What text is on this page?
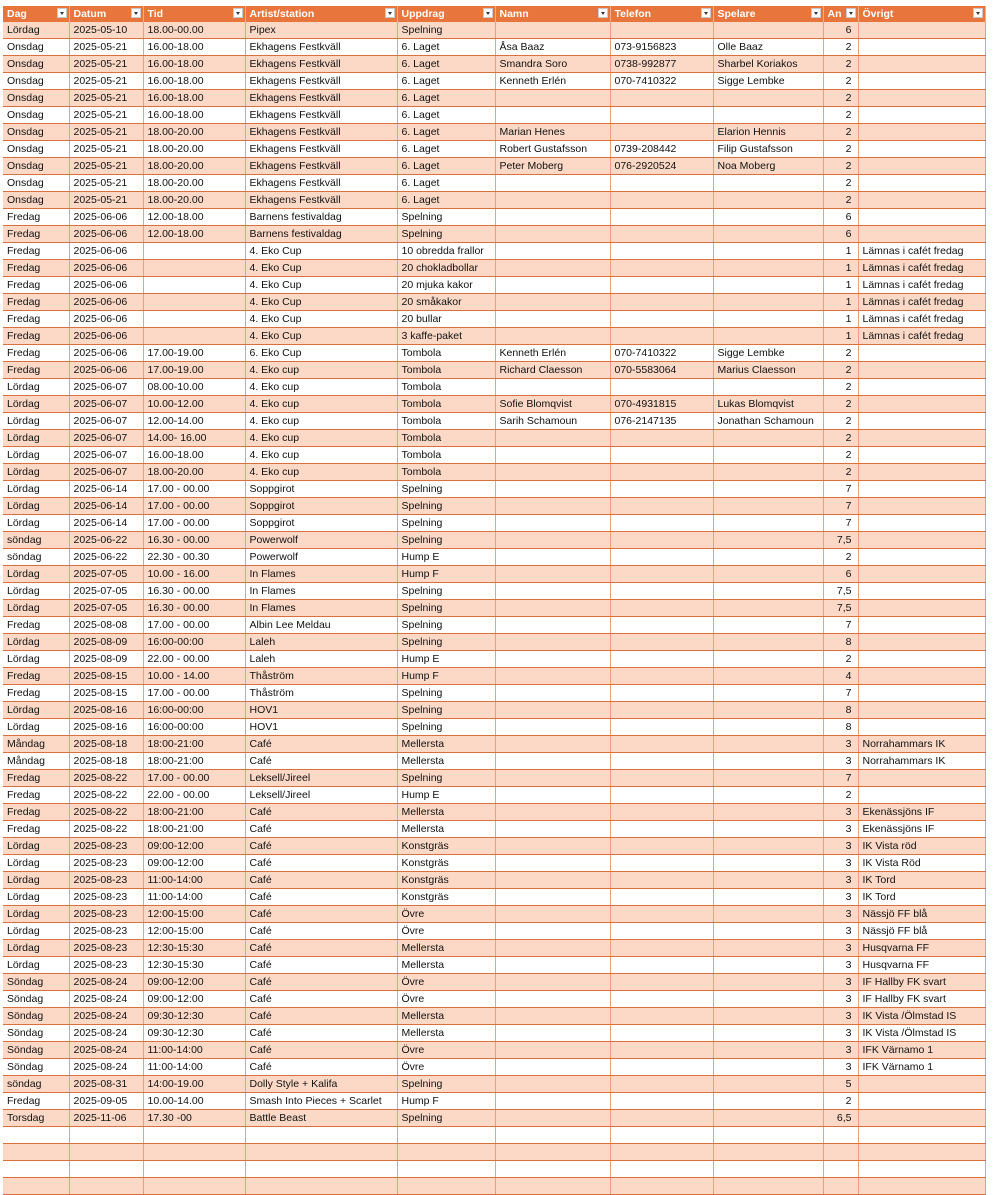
Dag	Datum	Tid	Artist/station	Uppdrag	Namn	Telefon	Spelare	An	Övrigt

Lördag	2025-05-10	18.00-00.00	Pipex	Spelning				6	
Onsdag	2025-05-21	16.00-18.00	Ekhagens Festkväll	6. Laget	Åsa Baaz	073-9156823	Olle Baaz	2	
Onsdag	2025-05-21	16.00-18.00	Ekhagens Festkväll	6. Laget	Smandra Soro	0738-992877	Sharbel Koriakos	2	
Onsdag	2025-05-21	16.00-18.00	Ekhagens Festkväll	6. Laget	Kenneth Erlén	070-7410322	Sigge Lembke	2	
Onsdag	2025-05-21	16.00-18.00	Ekhagens Festkväll	6. Laget				2	
Onsdag	2025-05-21	16.00-18.00	Ekhagens Festkväll	6. Laget				2	
Onsdag	2025-05-21	18.00-20.00	Ekhagens Festkväll	6. Laget	Marian Henes		Elarion Hennis	2	
Onsdag	2025-05-21	18.00-20.00	Ekhagens Festkväll	6. Laget	Robert Gustafsson	0739-208442	Filip Gustafsson	2	
Onsdag	2025-05-21	18.00-20.00	Ekhagens Festkväll	6. Laget	Peter Moberg	076-2920524	Noa Moberg	2	
Onsdag	2025-05-21	18.00-20.00	Ekhagens Festkväll	6. Laget				2	
Onsdag	2025-05-21	18.00-20.00	Ekhagens Festkväll	6. Laget				2	
Fredag	2025-06-06	12.00-18.00	Barnens festivaldag	Spelning				6	
Fredag	2025-06-06	12.00-18.00	Barnens festivaldag	Spelning				6	
Fredag	2025-06-06		4. Eko Cup	10 obredda frallor				1	Lämnas i cafét fredag
Fredag	2025-06-06		4. Eko Cup	20 chokladbollar				1	Lämnas i cafét fredag
Fredag	2025-06-06		4. Eko Cup	20 mjuka kakor				1	Lämnas i cafét fredag
Fredag	2025-06-06		4. Eko Cup	20 småkakor				1	Lämnas i cafét fredag
Fredag	2025-06-06		4. Eko Cup	20 bullar				1	Lämnas i cafét fredag
Fredag	2025-06-06		4. Eko Cup	3 kaffe-paket				1	Lämnas i cafét fredag
Fredag	2025-06-06	17.00-19.00	6. Eko Cup	Tombola	Kenneth Erlén	070-7410322	Sigge Lembke	2	
Fredag	2025-06-06	17.00-19.00	4. Eko cup	Tombola	Richard Claesson	070-5583064	Marius Claesson	2	
Lördag	2025-06-07	08.00-10.00	4. Eko cup	Tombola				2	
Lördag	2025-06-07	10.00-12.00	4. Eko cup	Tombola	Sofie Blomqvist	070-4931815	Lukas Blomqvist	2	
Lördag	2025-06-07	12.00-14.00	4. Eko cup	Tombola	Sarih Schamoun	076-2147135	Jonathan Schamoun	2	
Lördag	2025-06-07	14.00- 16.00	4. Eko cup	Tombola				2	
Lördag	2025-06-07	16.00-18.00	4. Eko cup	Tombola				2	
Lördag	2025-06-07	18.00-20.00	4. Eko cup	Tombola				2	
Lördag	2025-06-14	17.00 - 00.00	Soppgirot	Spelning				7	
Lördag	2025-06-14	17.00 - 00.00	Soppgirot	Spelning				7	
Lördag	2025-06-14	17.00 - 00.00	Soppgirot	Spelning				7	
söndag	2025-06-22	16.30 - 00.00	Powerwolf	Spelning				7,5	
söndag	2025-06-22	22.30 - 00.30	Powerwolf	Hump E				2	
Lördag	2025-07-05	10.00 - 16.00	In Flames	Hump F				6	
Lördag	2025-07-05	16.30 - 00.00	In Flames	Spelning				7,5	
Lördag	2025-07-05	16.30 - 00.00	In Flames	Spelning				7,5	
Fredag	2025-08-08	17.00 - 00.00	Albin Lee Meldau	Spelning				7	
Lördag	2025-08-09	16:00-00:00	Laleh	Spelning				8	
Lördag	2025-08-09	22.00 - 00.00	Laleh	Hump E				2	
Fredag	2025-08-15	10.00 - 14.00	Thåström	Hump F				4	
Fredag	2025-08-15	17.00 - 00.00	Thåström	Spelning				7	
Lördag	2025-08-16	16:00-00:00	HOV1	Spelning				8	
Lördag	2025-08-16	16:00-00:00	HOV1	Spelning				8	
Måndag	2025-08-18	18:00-21:00	Café	Mellersta				3	Norrahammars IK
Måndag	2025-08-18	18:00-21:00	Café	Mellersta				3	Norrahammars IK
Fredag	2025-08-22	17.00 - 00.00	Leksell/Jireel	Spelning				7	
Fredag	2025-08-22	22.00 - 00.00	Leksell/Jireel	Hump E				2	
Fredag	2025-08-22	18:00-21:00	Café	Mellersta				3	Ekenässjöns IF
Fredag	2025-08-22	18:00-21:00	Café	Mellersta				3	Ekenässjöns IF
Lördag	2025-08-23	09:00-12:00	Café	Konstgräs				3	IK Vista röd
Lördag	2025-08-23	09:00-12:00	Café	Konstgräs				3	IK Vista Röd
Lördag	2025-08-23	11:00-14:00	Café	Konstgräs				3	IK Tord
Lördag	2025-08-23	11:00-14:00	Café	Konstgräs				3	IK Tord
Lördag	2025-08-23	12:00-15:00	Café	Övre				3	Nässjö FF blå
Lördag	2025-08-23	12:00-15:00	Café	Övre				3	Nässjö FF blå
Lördag	2025-08-23	12:30-15:30	Café	Mellersta				3	Husqvarna FF
Lördag	2025-08-23	12:30-15:30	Café	Mellersta				3	Husqvarna FF
Söndag	2025-08-24	09:00-12:00	Café	Övre				3	IF Hallby FK svart
Söndag	2025-08-24	09:00-12:00	Café	Övre				3	IF Hallby FK svart
Söndag	2025-08-24	09:30-12:30	Café	Mellersta				3	IK Vista /Ölmstad IS
Söndag	2025-08-24	09:30-12:30	Café	Mellersta				3	IK Vista /Ölmstad IS
Söndag	2025-08-24	11:00-14:00	Café	Övre				3	IFK Värnamo 1
Söndag	2025-08-24	11:00-14:00	Café	Övre				3	IFK Värnamo 1
söndag	2025-08-31	14:00-19.00	Dolly Style + Kalifa	Spelning				5	
Fredag	2025-09-05	10.00-14.00	Smash Into Pieces + Scarlet	Hump F				2	
Torsdag	2025-11-06	17.30 -00	Battle Beast	Spelning				6,5	
